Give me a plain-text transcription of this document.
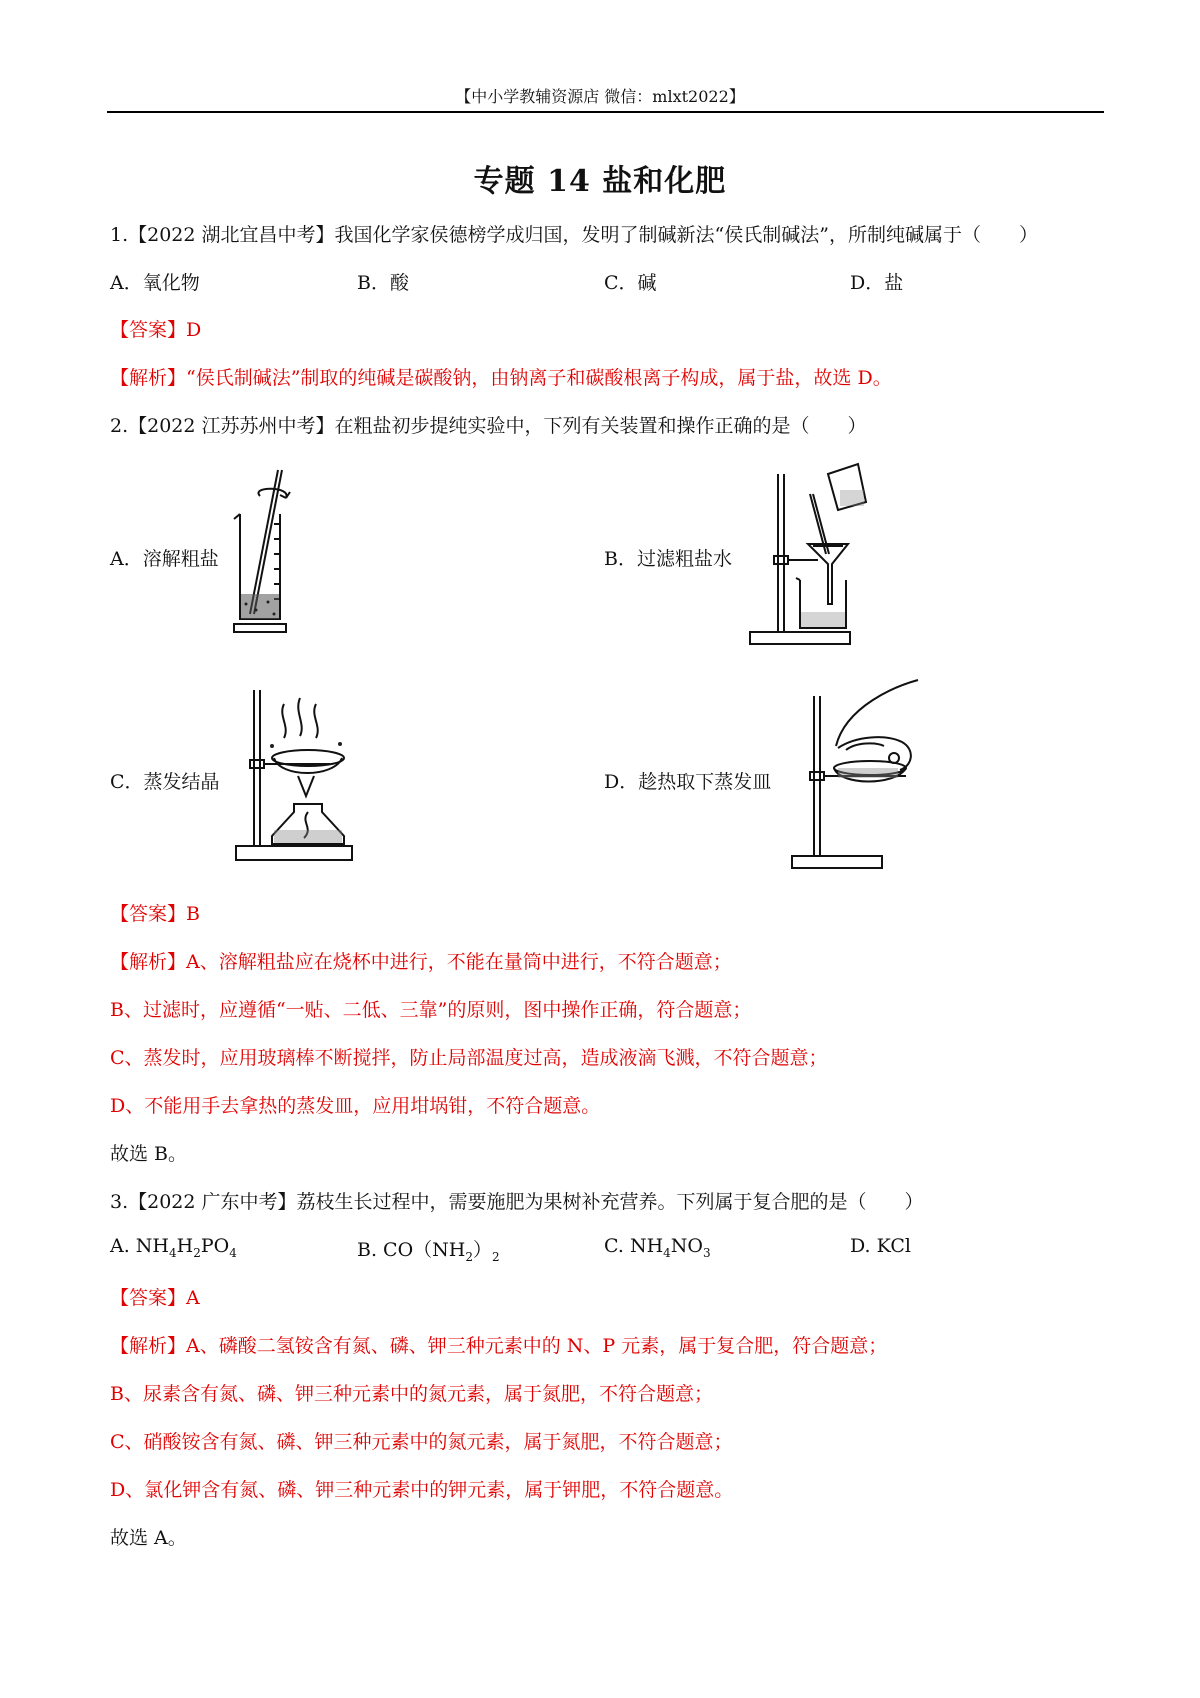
【中小学教辅资源店 微信：mlxt2022】
专题 14 盐和化肥
1.【2022 湖北宜昌中考】我国化学家侯德榜学成归国，发明了制碱新法“侯氏制碱法”，所制纯碱属于（　　）
A．氧化物	B．酸	C．碱	D．盐
【答案】D
【解析】“侯氏制碱法”制取的纯碱是碳酸钠，由钠离子和碳酸根离子构成，属于盐，故选 D。
2.【2022 江苏苏州中考】在粗盐初步提纯实验中，下列有关装置和操作正确的是（　　）
A．溶解粗盐	B．过滤粗盐水
C．蒸发结晶	D．趁热取下蒸发皿
【答案】B
【解析】A、溶解粗盐应在烧杯中进行，不能在量筒中进行，不符合题意；
B、过滤时，应遵循“一贴、二低、三靠”的原则，图中操作正确，符合题意；
C、蒸发时，应用玻璃棒不断搅拌，防止局部温度过高，造成液滴飞溅，不符合题意；
D、不能用手去拿热的蒸发皿，应用坩埚钳，不符合题意。
故选 B。
3.【2022 广东中考】荔枝生长过程中，需要施肥为果树补充营养。下列属于复合肥的是（　　）
A. $NH_4H_2PO_4$	B. $CO(NH_2)_2$	C. $NH_4NO_3$	D. KCl
【答案】A
【解析】A、磷酸二氢铵含有氮、磷、钾三种元素中的 N、P 元素，属于复合肥，符合题意；
B、尿素含有氮、磷、钾三种元素中的氮元素，属于氮肥，不符合题意；
C、硝酸铵含有氮、磷、钾三种元素中的氮元素，属于氮肥，不符合题意；
D、氯化钾含有氮、磷、钾三种元素中的钾元素，属于钾肥，不符合题意。
故选 A。
